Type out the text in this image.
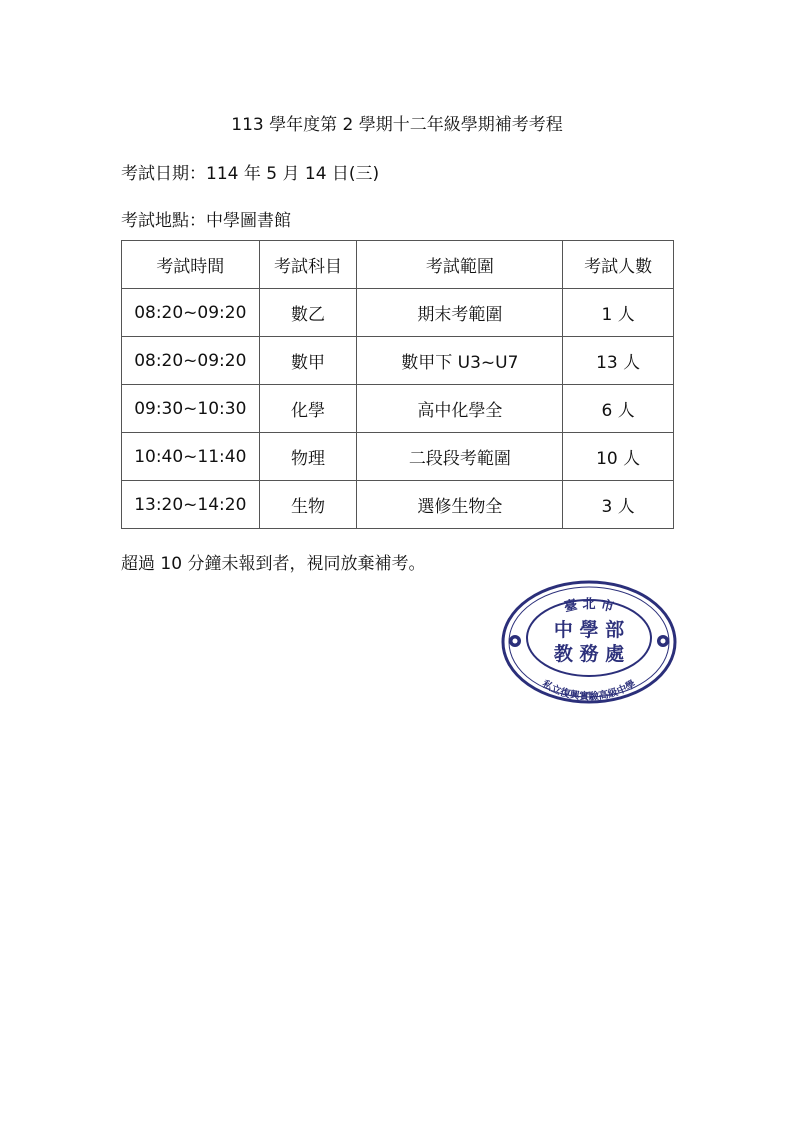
113 學年度第 2 學期十二年級學期補考考程
考試日期：114 年 5 月 14 日(三)
考試地點：中學圖書館
考試時間	考試科目	考試範圍	考試人數
08:20~09:20	數乙	期末考範圍	1 人
08:20~09:20	數甲	數甲下 U3~U7	13 人
09:30~10:30	化學	高中化學全	6 人
10:40~11:40	物理	二段段考範圍	10 人
13:20~14:20	生物	選修生物全	3 人
超過 10 分鐘未報到者，視同放棄補考。
臺 北 市
中 學 部
教 務 處
私立復興實驗高級中學
